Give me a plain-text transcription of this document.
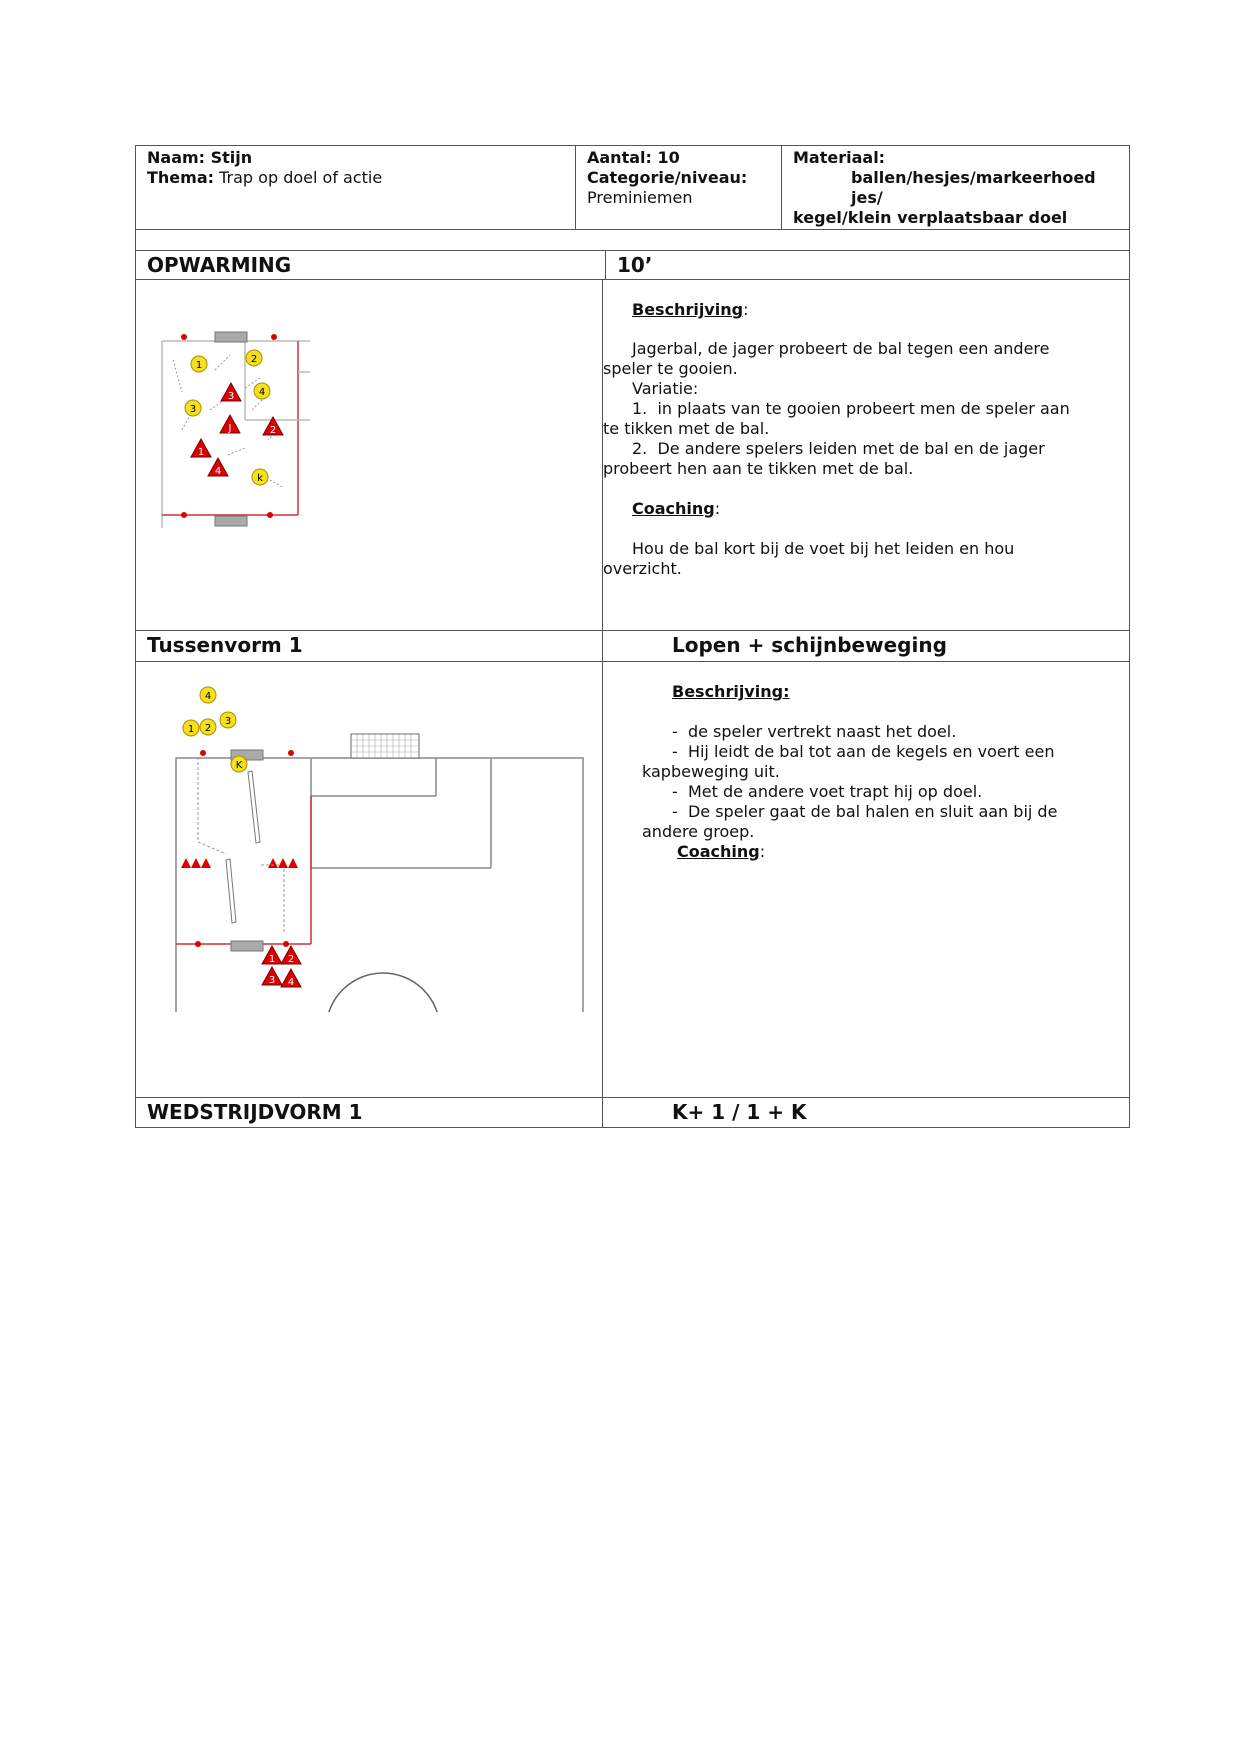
Naam: Stijn
Thema: Trap op doel of actie
Aantal: 10
Categorie/niveau:
Preminiemen
Materiaal:
ballen/hesjes/markeerhoed
jes/
kegel/klein verplaatsbaar doel
OPWARMING	10’
1
2
3
4
k
3
J	2
1
4
Beschrijving:
Jagerbal, de jager probeert de bal tegen een andere
speler te gooien.
Variatie:
1.  in plaats van te gooien probeert men de speler aan
te tikken met de bal.
2.  De andere spelers leiden met de bal en de jager
probeert hen aan te tikken met de bal.
Coaching:
Hou de bal kort bij de voet bij het leiden en hou
overzicht.
Tussenvorm 1	Lopen + schijnbeweging
4
1 2
3
K
1 2
3 4
Beschrijving:
-  de speler vertrekt naast het doel.
-  Hij leidt de bal tot aan de kegels en voert een
kapbeweging uit.
-  Met de andere voet trapt hij op doel.
-  De speler gaat de bal halen en sluit aan bij de
andere groep.
Coaching:
WEDSTRIJDVORM 1	K+ 1 / 1 + K
